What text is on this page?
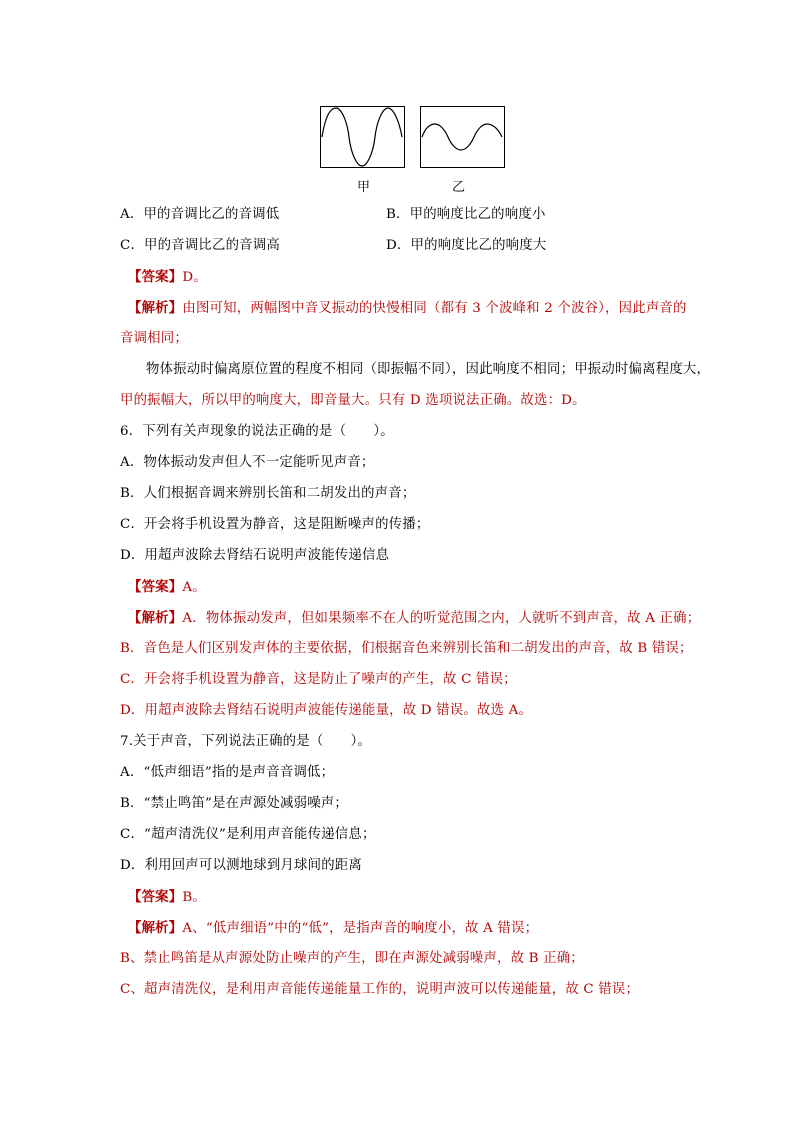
甲	乙
A．甲的音调比乙的音调低	B．甲的响度比乙的响度小
C．甲的音调比乙的音调高	D．甲的响度比乙的响度大
【答案】D。
【解析】由图可知，两幅图中音叉振动的快慢相同（都有 3 个波峰和 2 个波谷），因此声音的
音调相同；
物体振动时偏离原位置的程度不相同（即振幅不同），因此响度不相同；甲振动时偏离程度大，
甲的振幅大，所以甲的响度大，即音量大。只有 D 选项说法正确。故选：D。
6．下列有关声现象的说法正确的是（　　）。
A．物体振动发声但人不一定能听见声音；
B．人们根据音调来辨别长笛和二胡发出的声音；
C．开会将手机设置为静音，这是阻断噪声的传播；
D．用超声波除去肾结石说明声波能传递信息
【答案】A。
【解析】A．物体振动发声，但如果频率不在人的听觉范围之内，人就听不到声音，故 A 正确；
B．音色是人们区别发声体的主要依据，们根据音色来辨别长笛和二胡发出的声音，故 B 错误；
C．开会将手机设置为静音，这是防止了噪声的产生，故 C 错误；
D．用超声波除去肾结石说明声波能传递能量，故 D 错误。故选 A。
7.关于声音，下列说法正确的是（　　）。
A．“低声细语”指的是声音音调低；
B．“禁止鸣笛”是在声源处减弱噪声；
C．“超声清洗仪”是利用声音能传递信息；
D．利用回声可以测地球到月球间的距离
【答案】B。
【解析】A、“低声细语”中的“低”，是指声音的响度小，故 A 错误；
B、禁止鸣笛是从声源处防止噪声的产生，即在声源处减弱噪声，故 B 正确；
C、超声清洗仪，是利用声音能传递能量工作的，说明声波可以传递能量，故 C 错误；
